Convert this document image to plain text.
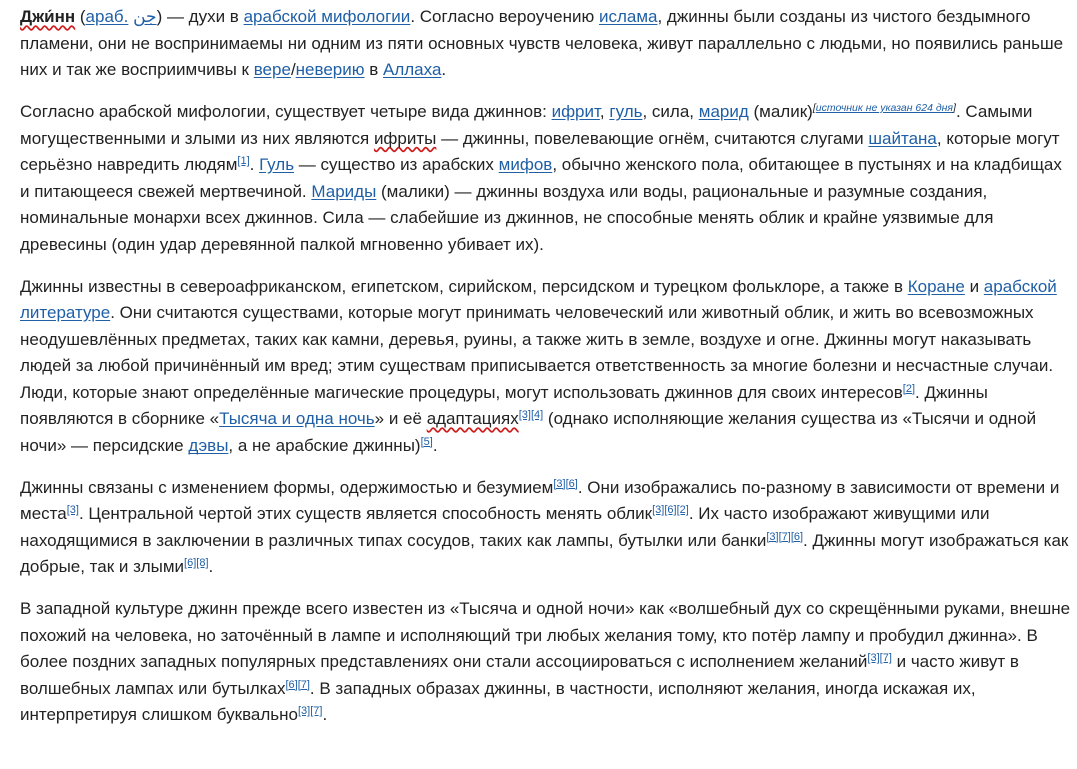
Джи́нн (араб. جن) — духи в арабской мифологии. Согласно вероучению ислама, джинны были созданы из чистого бездымного пламени, они не воспринимаемы ни одним из пяти основных чувств человека, живут параллельно с людьми, но появились раньше них и так же восприимчивы к вере/неверию в Аллаха.

Согласно арабской мифологии, существует четыре вида джиннов: ифрит, гуль, сила, марид (малик)[источник не указан 624 дня]. Самыми могущественными и злыми из них являются ифриты — джинны, повелевающие огнём, считаются слугами шайтана, которые могут серьёзно навредить людям[1]. Гуль — существо из арабских мифов, обычно женского пола, обитающее в пустынях и на кладбищах и питающееся свежей мертвечиной. Мариды (малики) — джинны воздуха или воды, рациональные и разумные создания, номинальные монархи всех джиннов. Сила — слабейшие из джиннов, не способные менять облик и крайне уязвимые для древесины (один удар деревянной палкой мгновенно убивает их).

Джинны известны в североафриканском, египетском, сирийском, персидском и турецком фольклоре, а также в Коране и арабской литературе. Они считаются существами, которые могут принимать человеческий или животный облик, и жить во всевозможных неодушевлённых предметах, таких как камни, деревья, руины, а также жить в земле, воздухе и огне. Джинны могут наказывать людей за любой причинённый им вред; этим существам приписывается ответственность за многие болезни и несчастные случаи. Люди, которые знают определённые магические процедуры, могут использовать джиннов для своих интересов[2]. Джинны появляются в сборнике «Тысяча и одна ночь» и её адаптациях[3][4] (однако исполняющие желания существа из «Тысячи и одной ночи» — персидские дэвы, а не арабские джинны)[5].

Джинны связаны с изменением формы, одержимостью и безумием[3][6]. Они изображались по-разному в зависимости от времени и места[3]. Центральной чертой этих существ является способность менять облик[3][6][2]. Их часто изображают живущими или находящимися в заключении в различных типах сосудов, таких как лампы, бутылки или банки[3][7][6]. Джинны могут изображаться как добрые, так и злыми[6][8].

В западной культуре джинн прежде всего известен из «Тысяча и одной ночи» как «волшебный дух со скрещёнными руками, внешне похожий на человека, но заточённый в лампе и исполняющий три любых желания тому, кто потёр лампу и пробудил джинна». В более поздних западных популярных представлениях они стали ассоциироваться с исполнением желаний[3][7] и часто живут в волшебных лампах или бутылках[6][7]. В западных образах джинны, в частности, исполняют желания, иногда искажая их, интерпретируя слишком буквально[3][7].
